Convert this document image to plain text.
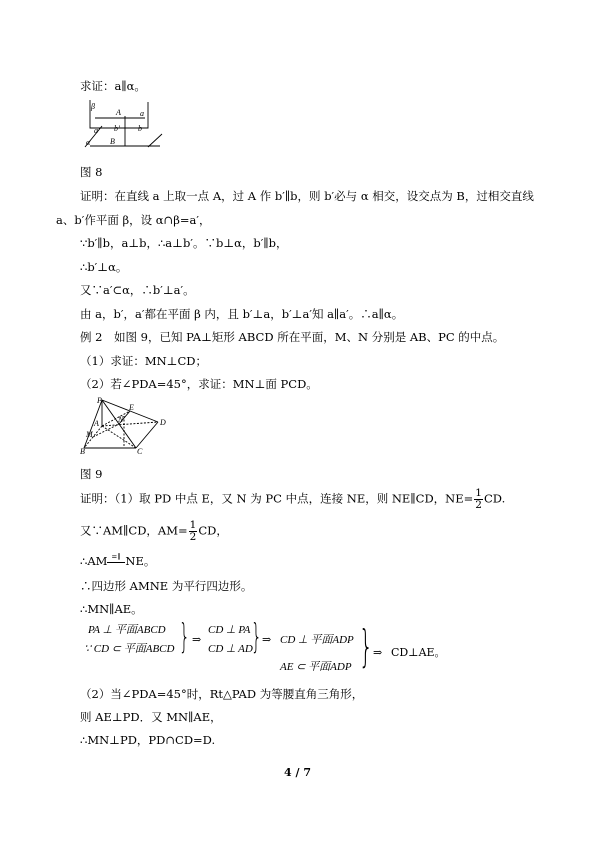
求证：a∥α。
β
A a
a' b' b
B
α
图 8
证明：在直线 a 上取一点 A，过 A 作 b′∥b，则 b′必与 α 相交，设交点为 B，过相交直线
a、b′作平面 β，设 α∩β=a′，
∵b′∥b，a⊥b，∴a⊥b′。∵b⊥α，b′∥b，
∴b′⊥α。
又∵a′⊂α，∴b′⊥a′。
由 a，b′，a′都在平面 β 内，且 b′⊥a，b′⊥a′知 a∥a′。∴a∥α。
例 2　如图 9，已知 PA⊥矩形 ABCD 所在平面，M、N 分别是 AB、PC 的中点。
（1）求证：MN⊥CD；
（2）若∠PDA=45°，求证：MN⊥面 PCD。
P
E
N
A
M
D
B	C
图 9
证明：（1）取 PD 中点 E，又 N 为 PC 中点，连接 NE，则 NE∥CD，$NE= \frac{1}{2}$ CD.
又∵AM∥CD，$AM= \frac{1}{2}$ CD，
∴AM =∥ NE。
∴四边形 AMNE 为平行四边形。
∴MN∥AE。
PA ⊥ 平面ABCD
∵ CD ⊂ 平面ABCD } ⇒
CD ⊥ PA
CD ⊥ AD
} ⇒ CD ⊥ 平面ADP
AE ⊂ 平面ADP } ⇒ CD⊥AE。
（2）当∠PDA=45°时，Rt△PAD 为等腰直角三角形，
则 AE⊥PD．又 MN∥AE，
∴MN⊥PD，PD∩CD=D.
4 / 7
